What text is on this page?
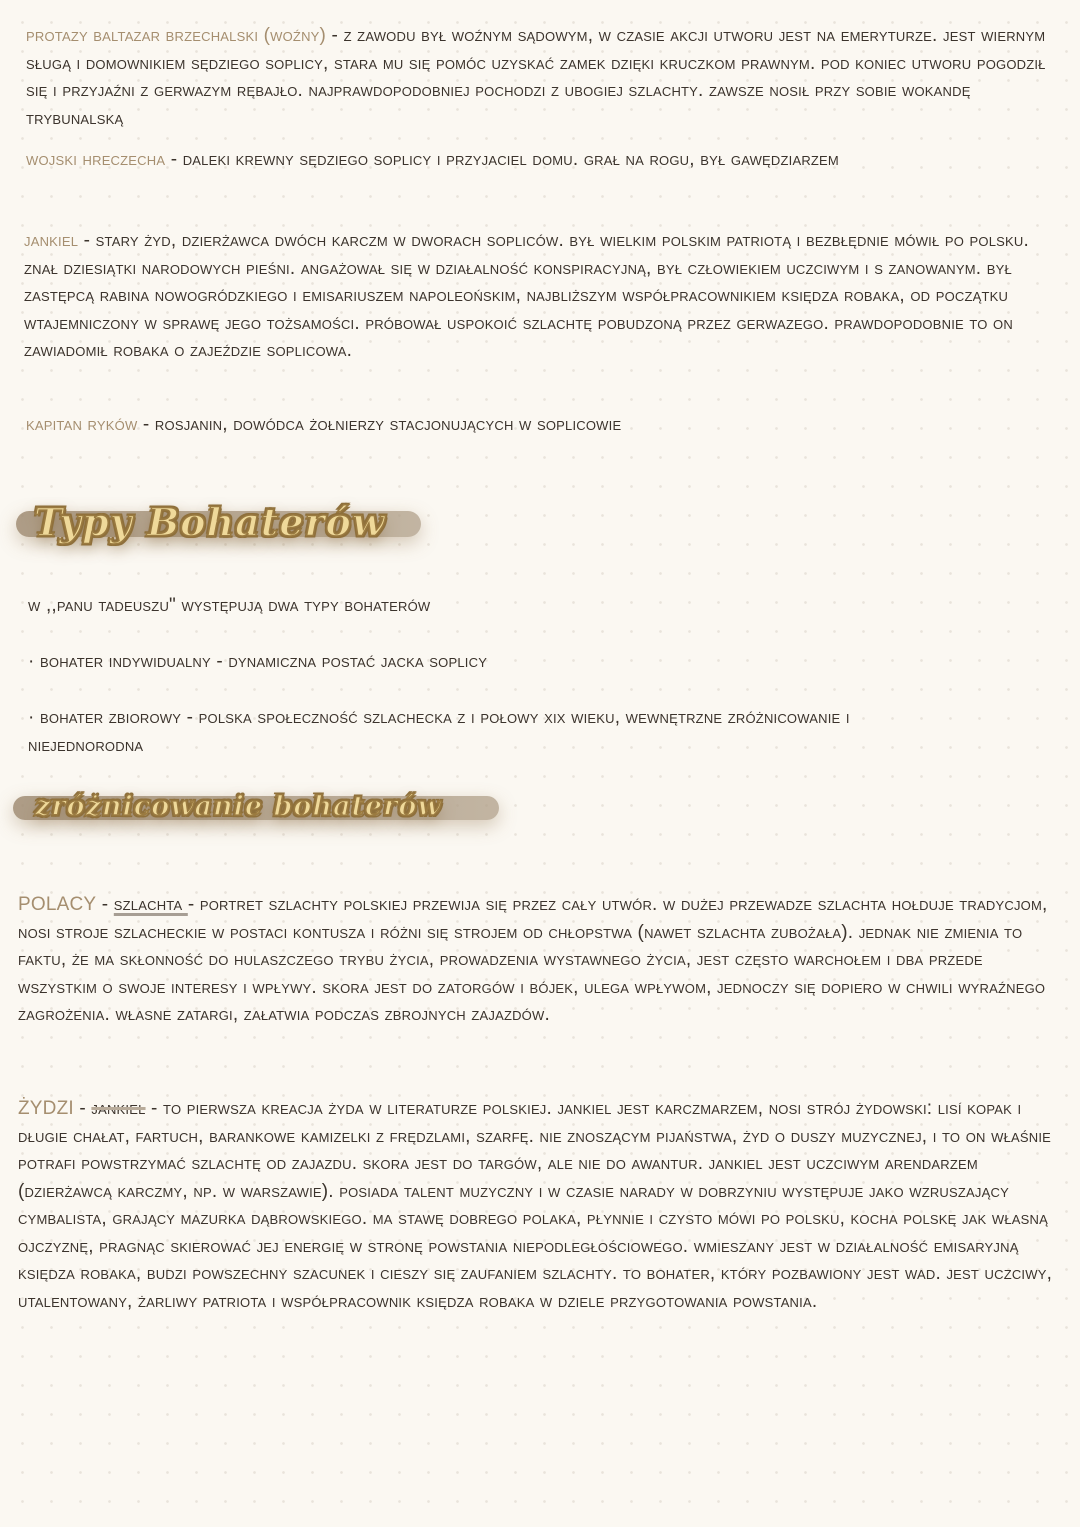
protazy baltazar brzechalski (woźny) - z zawodu był woźnym sądowym, w czasie akcji utworu jest na emeryturze. jest wiernym sługą i domownikiem sędziego soplicy, stara mu się pomóc uzyskać zamek dzięki kruczkom prawnym. pod koniec utworu pogodził się i przyjaźni z gerwazym rębajło. najprawdopodobniej pochodzi z ubogiej szlachty. zawsze nosił przy sobie wokandę trybunalską
wojski hreczecha - daleki krewny sędziego soplicy i przyjaciel domu. grał na rogu, był gawędziarzem
jankiel - stary żyd, dzierżawca dwóch karczm w dworach sopliców. był wielkim polskim patriotą i bezbłędnie mówił po polsku. znał dziesiątki narodowych pieśni. angażował się w działalność konspiracyjną, był człowiekiem uczciwym i s zanowanym. był zastępcą rabina nowogródzkiego i emisariuszem napoleońskim, najbliższym współpracownikiem księdza robaka, od początku wtajemniczony w sprawę jego tożsamości. próbował uspokoić szlachtę pobudzoną przez gerwazego. prawdopodobnie to on zawiadomił robaka o zajeździe soplicowa.
kapitan ryków - rosjanin, dowódca żołnierzy stacjonujących w soplicowie
Typy Bohaterów
w ,,panu tadeuszu" występują dwa typy bohaterów
· bohater indywidualny - dynamiczna postać jacka soplicy
· bohater zbiorowy - polska społeczność szlachecka z i połowy xix wieku, wewnętrzne zróżnicowanie i niejednorodna
zróżnicowanie bohaterów
polacy - szlachta - portret szlachty polskiej przewija się przez cały utwór. w dużej przewadze szlachta hołduje tradycjom, nosi stroje szlacheckie w postaci kontusza i różni się strojem od chłopstwa (nawet szlachta zubożała). jednak nie zmienia to faktu, że ma skłonność do hulaszczego trybu życia, prowadzenia wystawnego życia, jest często warchołem i dba przede wszystkim o swoje interesy i wpływy. skora jest do zatorgów i bójek, ulega wpływom, jednoczy się dopiero w chwili wyraźnego zagrożenia. własne zatargi, załatwia podczas zbrojnych zajazdów.
żydzi - jankiel - to pierwsza kreacja żyda w literaturze polskiej. jankiel jest karczmarzem, nosi strój żydowski: lisí kopak i długie chałat, fartuch, barankowe kamizelki z frędzlami, szarfę. nie znoszącym pijaństwa, żyd o duszy muzycznej, i to on właśnie potrafi powstrzymać szlachtę od zajazdu. skora jest do targów, ale nie do awantur. jankiel jest uczciwym arendarzem (dzierżawcą karczmy, np. w warszawie). posiada talent muzyczny i w czasie narady w dobrzyniu występuje jako wzruszający cymbalista, grający mazurka dąbrowskiego. ma stawę dobrego polaka, płynnie i czysto mówi po polsku, kocha polskę jak własną ojczyznę, pragnąc skierować jej energię w stronę powstania niepodległościowego. wmieszany jest w działalność emisaryjną księdza robaka, budzi powszechny szacunek i cieszy się zaufaniem szlachty. to bohater, który pozbawiony jest wad. jest uczciwy, utalentowany, żarliwy patriota i współpracownik księdza robaka w dziele przygotowania powstania.
